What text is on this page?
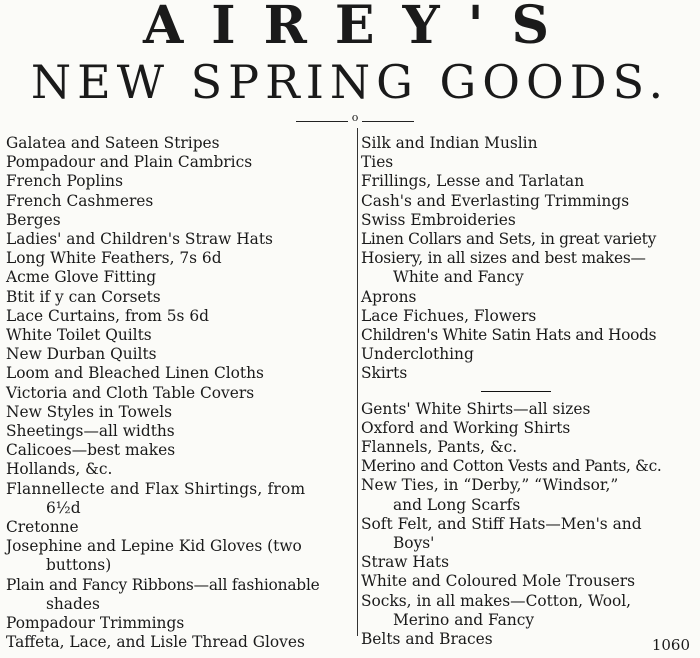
AIREY'S
NEW SPRING GOODS.
o
Galatea and Sateen Stripes
Pompadour and Plain Cambrics
French Poplins
French Cashmeres
Berges
Ladies' and Children's Straw Hats
Long White Feathers, 7s 6d
Acme Glove Fitting
Btit if y can Corsets
Lace Curtains, from 5s 6d
White Toilet Quilts
New Durban Quilts
Loom and Bleached Linen Cloths
Victoria and Cloth Table Covers
New Styles in Towels
Sheetings—all widths
Calicoes—best makes
Hollands, &c.
Flannellecte and Flax Shirtings, from
6½d
Cretonne
Josephine and Lepine Kid Gloves (two
buttons)
Plain and Fancy Ribbons—all fashionable
shades
Pompadour Trimmings
Taffeta, Lace, and Lisle Thread Gloves
Silk and Indian Muslin
Ties
Frillings, Lesse and Tarlatan
Cash's and Everlasting Trimmings
Swiss Embroideries
Linen Collars and Sets, in great variety
Hosiery, in all sizes and best makes—
White and Fancy
Aprons
Lace Fichues, Flowers
Children's White Satin Hats and Hoods
Underclothing
Skirts
Gents' White Shirts—all sizes
Oxford and Working Shirts
Flannels, Pants, &c.
Merino and Cotton Vests and Pants, &c.
New Ties, in “Derby,” “Windsor,”
and Long Scarfs
Soft Felt, and Stiff Hats—Men's and
Boys'
Straw Hats
White and Coloured Mole Trousers
Socks, in all makes—Cotton, Wool,
Merino and Fancy
Belts and Braces	1060
